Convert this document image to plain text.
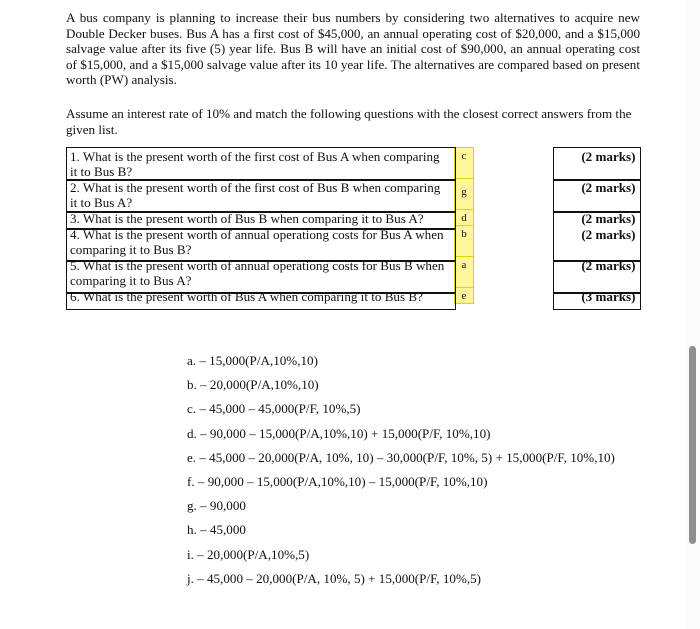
A bus company is planning to increase their bus numbers by considering two alternatives to acquire new Double Decker buses. Bus A has a first cost of $45,000, an annual operating cost of $20,000, and a $15,000 salvage value after its five (5) year life. Bus B will have an initial cost of $90,000, an annual operating cost of $15,000, and a $15,000 salvage value after its 10 year life. The alternatives are compared based on present worth (PW) analysis.

Assume an interest rate of 10% and match the following questions with the closest correct answers from the given list.

1. What is the present worth of the first cost of Bus A when comparing it to Bus B?	c		(2 marks)
2. What is the present worth of the first cost of Bus B when comparing it to Bus A?	g		(2 marks)
3. What is the present worth of Bus B when comparing it to Bus A?	d		(2 marks)
4. What is the present worth of annual operationg costs for Bus A when comparing it to Bus B?	b		(2 marks)
5. What is the present worth of annual operationg costs for Bus B when comparing it to Bus A?	a		(2 marks)
6. What is the present worth of Bus A when comparing it to Bus B?	e		(3 marks)
a. – 15,000(P/A,10%,10)
b. – 20,000(P/A,10%,10)
c. – 45,000 – 45,000(P/F, 10%,5)
d. – 90,000 – 15,000(P/A,10%,10) + 15,000(P/F, 10%,10)
e. – 45,000 – 20,000(P/A, 10%, 10) – 30,000(P/F, 10%, 5) + 15,000(P/F, 10%,10)
f. – 90,000 – 15,000(P/A,10%,10) – 15,000(P/F, 10%,10)
g. – 90,000
h. – 45,000
i. – 20,000(P/A,10%,5)
j. – 45,000 – 20,000(P/A, 10%, 5) + 15,000(P/F, 10%,5)
